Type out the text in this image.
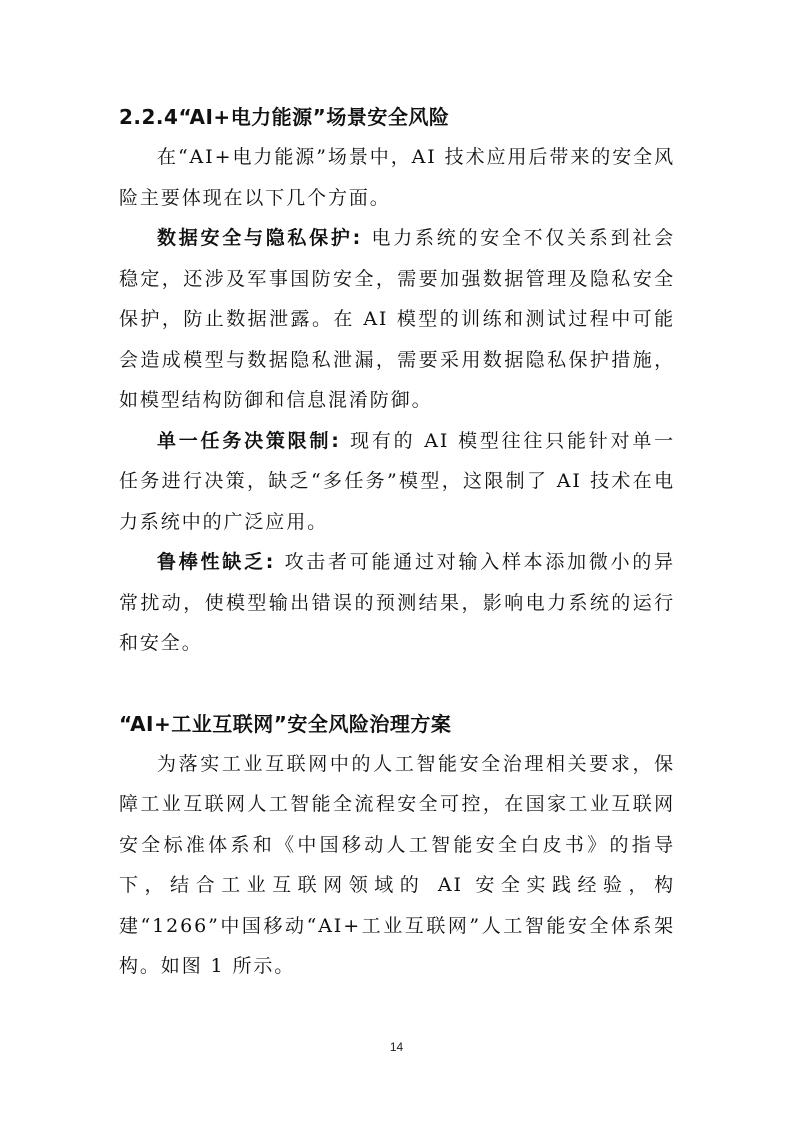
2.2.4“AI+电力能源”场景安全风险

在“AI+电力能源”场景中，AI 技术应用后带来的安全风险主要体现在以下几个方面。

数据安全与隐私保护: 电力系统的安全不仅关系到社会稳定，还涉及军事国防安全，需要加强数据管理及隐私安全保护，防止数据泄露。在 AI 模型的训练和测试过程中可能会造成模型与数据隐私泄漏，需要采用数据隐私保护措施，如模型结构防御和信息混淆防御。

单一任务决策限制: 现有的 AI 模型往往只能针对单一任务进行决策，缺乏“多任务”模型，这限制了 AI 技术在电力系统中的广泛应用。

鲁棒性缺乏: 攻击者可能通过对输入样本添加微小的异常扰动，使模型输出错误的预测结果，影响电力系统的运行和安全。

“AI+工业互联网”安全风险治理方案

为落实工业互联网中的人工智能安全治理相关要求，保障工业互联网人工智能全流程安全可控，在国家工业互联网安全标准体系和《中国移动人工智能安全白皮书》的指导下，结合工业互联网领域的 AI 安全实践经验，构建“1266”中国移动“AI+工业互联网”人工智能安全体系架构。如图 1 所示。

14
